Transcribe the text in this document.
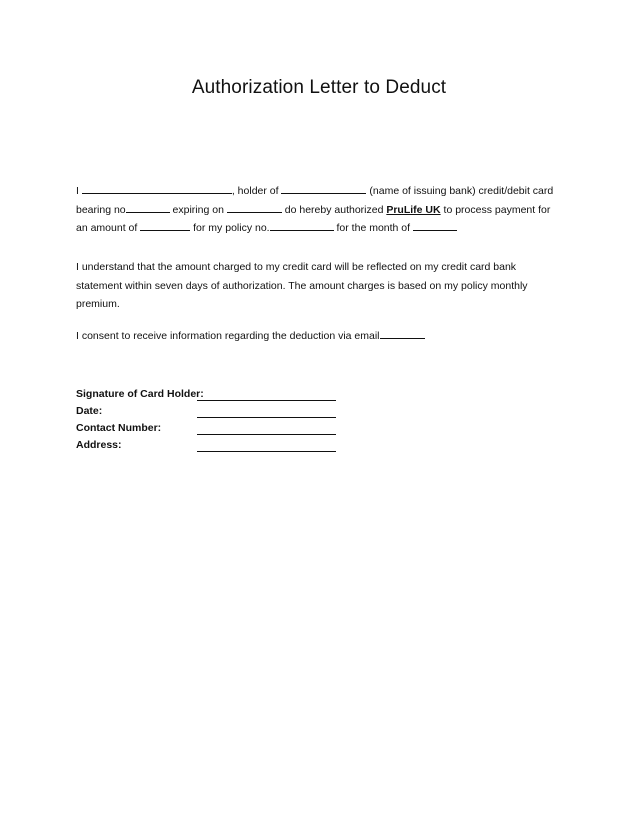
Authorization Letter to Deduct
I	, holder of	(name of issuing bank) credit/debit card
bearing no	expiring on	do hereby authorized PruLife UK to process payment for
an amount of	for my policy no.	for the month of
I understand that the amount charged to my credit card will be reflected on my credit card bank
statement within seven days of authorization. The amount charges is based on my policy monthly
premium.
I consent to receive information regarding the deduction via email
Signature of Card Holder:
Date:
Contact Number:
Address:
